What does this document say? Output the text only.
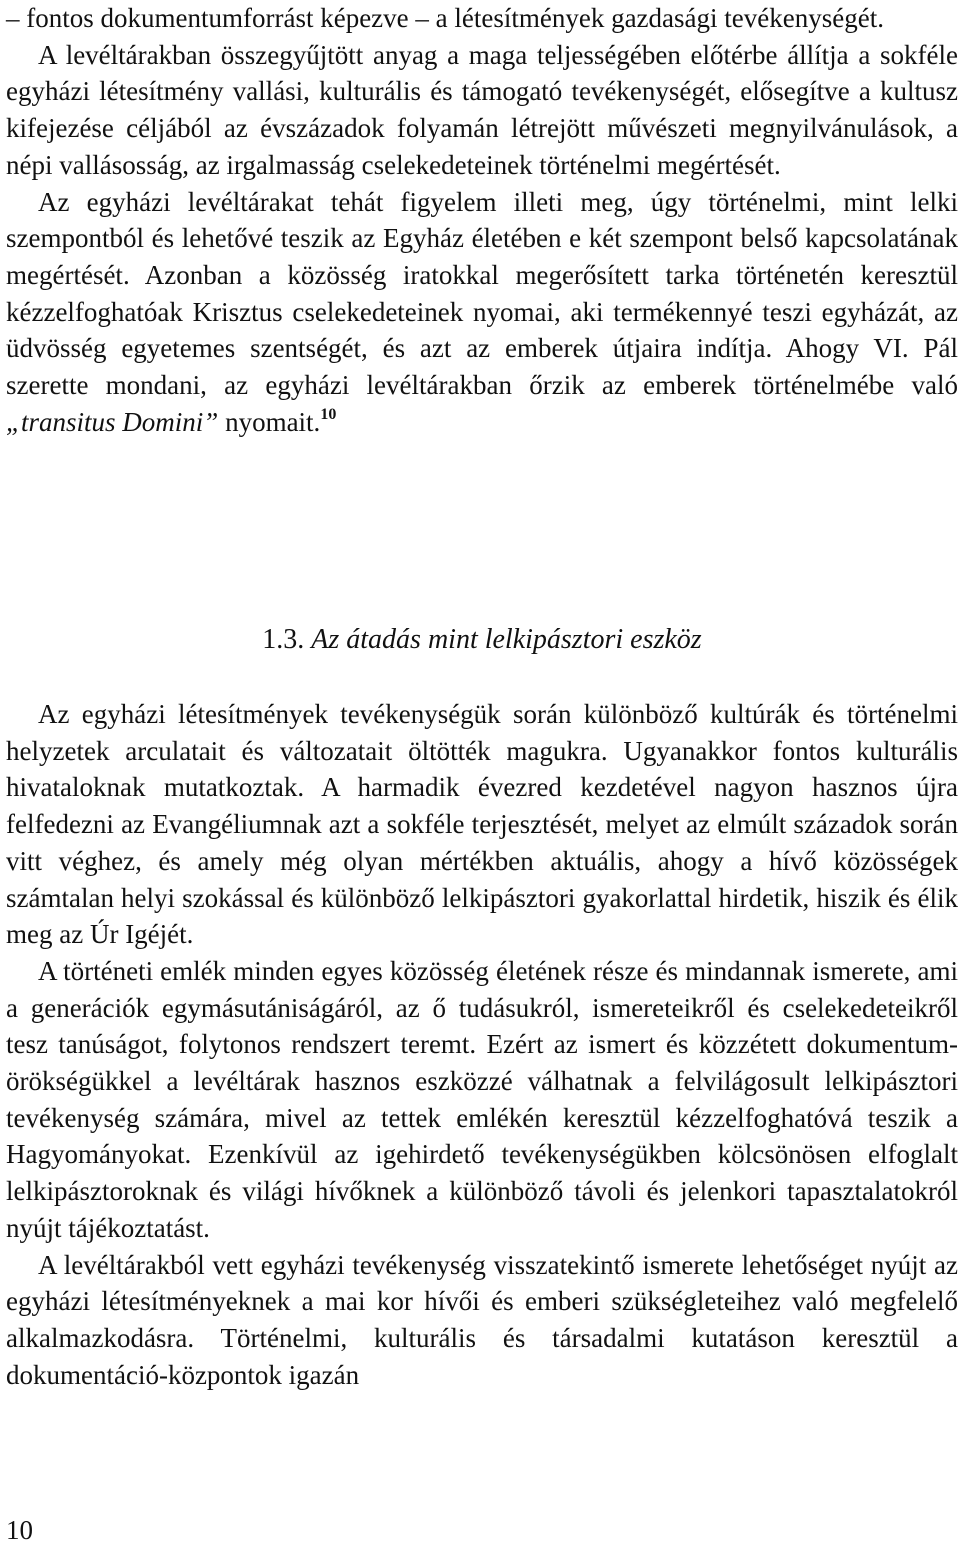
– fontos dokumentumforrást képezve – a létesítmények gazdasági tevékenységét.

A levéltárakban összegyűjtött anyag a maga teljességében előtérbe állítja a sokféle egyházi létesítmény vallási, kulturális és támogató tevékenységét, elősegítve a kultusz kifejezése céljából az évszázadok folyamán létrejött művészeti megnyilvánulások, a népi vallásosság, az irgalmasság cselekedeteinek történelmi megértését.

Az egyházi levéltárakat tehát figyelem illeti meg, úgy történelmi, mint lelki szempontból és lehetővé teszik az Egyház életében e két szempont belső kapcsolatának megértését. Azonban a közösség iratokkal megerősített tarka történetén keresztül kézzelfoghatóak Krisztus cselekedeteinek nyomai, aki termékennyé teszi egyházát, az üdvösség egyetemes szentségét, és azt az emberek útjaira indítja. Ahogy VI. Pál szerette mondani, az egyházi levéltárakban őrzik az emberek történelmébe való „transitus Domini” nyomait.$^{10}$

1.3. Az átadás mint lelkipásztori eszköz

Az egyházi létesítmények tevékenységük során különböző kultúrák és történelmi helyzetek arculatait és változatait öltötték magukra. Ugyanakkor fontos kulturális hivataloknak mutatkoztak. A harmadik évezred kezdetével nagyon hasznos újra felfedezni az Evangéliumnak azt a sokféle terjesztését, melyet az elmúlt századok során vitt véghez, és amely még olyan mértékben aktuális, ahogy a hívő közösségek számtalan helyi szokással és különböző lelkipásztori gyakorlattal hirdetik, hiszik és élik meg az Úr Igéjét.

A történeti emlék minden egyes közösség életének része és mindannak ismerete, ami a generációk egymásutániságáról, az ő tudásukról, ismereteikről és cselekedeteikről tesz tanúságot, folytonos rendszert teremt. Ezért az ismert és közzétett dokumentum-örökségükkel a levéltárak hasznos eszközzé válhatnak a felvilágosult lelkipásztori tevékenység számára, mivel az tettek emlékén keresztül kézzelfoghatóvá teszik a Hagyományokat. Ezenkívül az igehirdető tevékenységükben kölcsönösen elfoglalt lelkipásztoroknak és világi hívőknek a különböző távoli és jelenkori tapasztalatokról nyújt tájékoztatást.

A levéltárakból vett egyházi tevékenység visszatekintő ismerete lehetőséget nyújt az egyházi létesítményeknek a mai kor hívői és emberi szükségleteihez való megfelelő alkalmazkodásra. Történelmi, kulturális és társadalmi kutatáson keresztül a dokumentáció-központok igazán

10
